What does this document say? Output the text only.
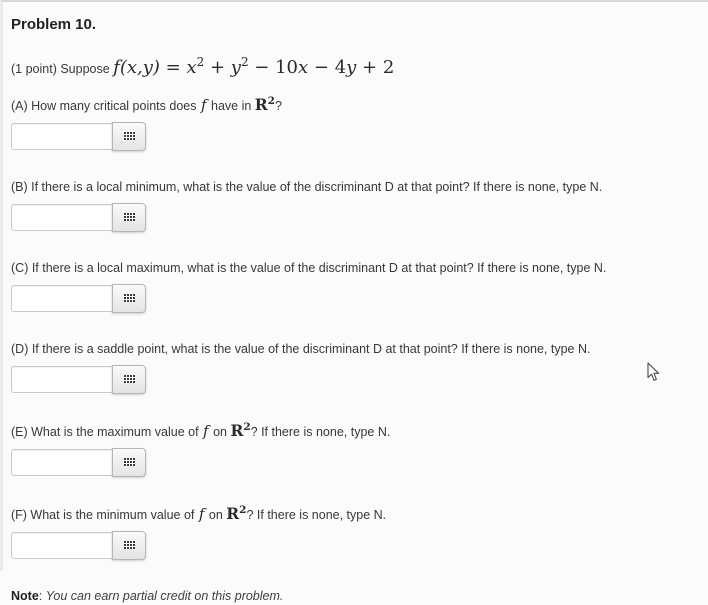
Problem 10.
(1 point) Suppose $f(x,y) = x^2 + y^2 - 10x - 4y + 2$
(A) How many critical points does f have in $R^2$?
(B) If there is a local minimum, what is the value of the discriminant D at that point? If there is none, type N.
(C) If there is a local maximum, what is the value of the discriminant D at that point? If there is none, type N.
(D) If there is a saddle point, what is the value of the discriminant D at that point? If there is none, type N.
(E) What is the maximum value of f on $R^2$? If there is none, type N.
(F) What is the minimum value of f on $R^2$? If there is none, type N.
Note: You can earn partial credit on this problem.
